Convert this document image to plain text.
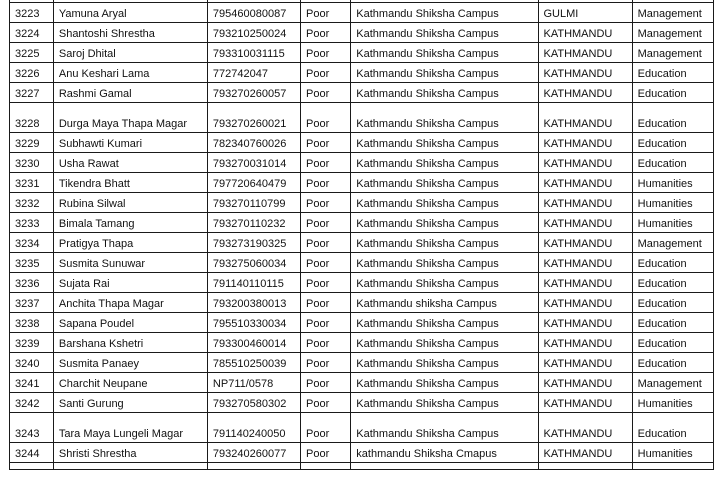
3223	Yamuna Aryal	795460080087	Poor	Kathmandu Shiksha Campus	GULMI	Management
3224	Shantoshi Shrestha	793210250024	Poor	Kathmandu Shiksha Campus	KATHMANDU	Management
3225	Saroj Dhital	793310031115	Poor	Kathmandu Shiksha Campus	KATHMANDU	Management
3226	Anu Keshari Lama	772742047	Poor	Kathmandu Shiksha Campus	KATHMANDU	Education
3227	Rashmi Gamal	793270260057	Poor	Kathmandu Shiksha Campus	KATHMANDU	Education
3228	Durga Maya Thapa Magar	793270260021	Poor	Kathmandu Shiksha Campus	KATHMANDU	Education
3229	Subhawti Kumari	782340760026	Poor	Kathmandu Shiksha Campus	KATHMANDU	Education
3230	Usha Rawat	793270031014	Poor	Kathmandu Shiksha Campus	KATHMANDU	Education
3231	Tikendra Bhatt	797720640479	Poor	Kathmandu Shiksha Campus	KATHMANDU	Humanities
3232	Rubina Silwal	793270110799	Poor	Kathmandu Shiksha Campus	KATHMANDU	Humanities
3233	Bimala Tamang	793270110232	Poor	Kathmandu Shiksha Campus	KATHMANDU	Humanities
3234	Pratigya Thapa	793273190325	Poor	Kathmandu Shiksha Campus	KATHMANDU	Management
3235	Susmita Sunuwar	793275060034	Poor	Kathmandu Shiksha Campus	KATHMANDU	Education
3236	Sujata Rai	791140110115	Poor	Kathmandu Shiksha Campus	KATHMANDU	Education
3237	Anchita Thapa Magar	793200380013	Poor	Kathmandu shiksha Campus	KATHMANDU	Education
3238	Sapana Poudel	795510330034	Poor	Kathmandu Shiksha Campus	KATHMANDU	Education
3239	Barshana Kshetri	793300460014	Poor	Kathmandu Shiksha Campus	KATHMANDU	Education
3240	Susmita Panaey	785510250039	Poor	Kathmandu Shiksha Campus	KATHMANDU	Education
3241	Charchit Neupane	NP711/0578	Poor	Kathmandu Shiksha Campus	KATHMANDU	Management
3242	Santi Gurung	793270580302	Poor	Kathmandu Shiksha Campus	KATHMANDU	Humanities
3243	Tara Maya Lungeli Magar	791140240050	Poor	Kathmandu Shiksha Campus	KATHMANDU	Education
3244	Shristi Shrestha	793240260077	Poor	kathmandu Shiksha Cmapus	KATHMANDU	Humanities
